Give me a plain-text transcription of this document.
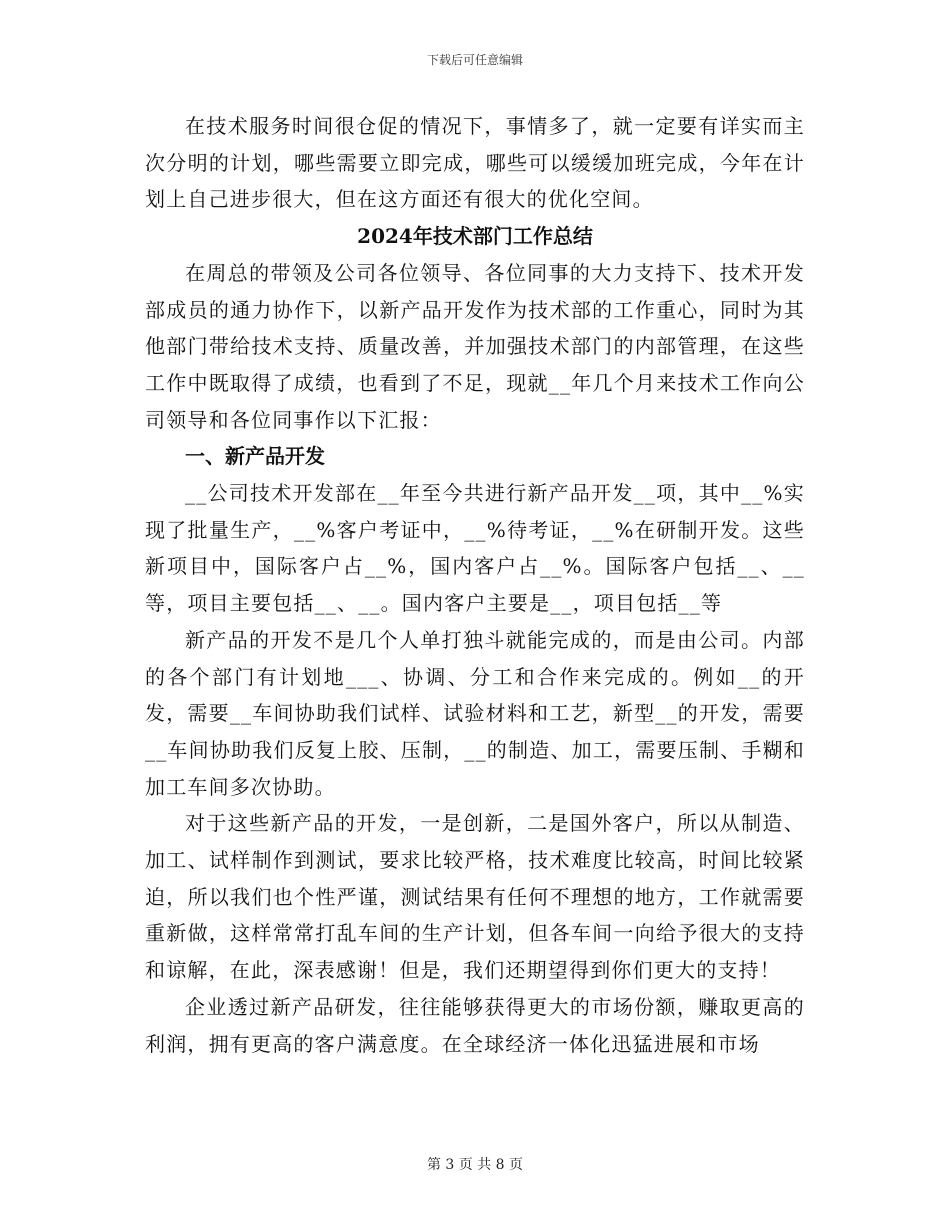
下载后可任意编辑

在技术服务时间很仓促的情况下，事情多了，就一定要有详实而主次分明的计划，哪些需要立即完成，哪些可以缓缓加班完成，今年在计划上自己进步很大，但在这方面还有很大的优化空间。

2024年技术部门工作总结

在周总的带领及公司各位领导、各位同事的大力支持下、技术开发部成员的通力协作下，以新产品开发作为技术部的工作重心，同时为其他部门带给技术支持、质量改善，并加强技术部门的内部管理，在这些工作中既取得了成绩，也看到了不足，现就__年几个月来技术工作向公司领导和各位同事作以下汇报：

一、新产品开发

__公司技术开发部在__年至今共进行新产品开发__项，其中__%实现了批量生产，__%客户考证中，__%待考证，__%在研制开发。这些新项目中，国际客户占__%，国内客户占__%。国际客户包括__、__等，项目主要包括__、__。国内客户主要是__，项目包括__等

新产品的开发不是几个人单打独斗就能完成的，而是由公司。内部的各个部门有计划地___、协调、分工和合作来完成的。例如__的开发，需要__车间协助我们试样、试验材料和工艺，新型__的开发，需要__车间协助我们反复上胶、压制，__的制造、加工，需要压制、手糊和加工车间多次协助。

对于这些新产品的开发，一是创新，二是国外客户，所以从制造、加工、试样制作到测试，要求比较严格，技术难度比较高，时间比较紧迫，所以我们也个性严谨，测试结果有任何不理想的地方，工作就需要重新做，这样常常打乱车间的生产计划，但各车间一向给予很大的支持和谅解，在此，深表感谢！但是，我们还期望得到你们更大的支持！

企业透过新产品研发，往往能够获得更大的市场份额，赚取更高的利润，拥有更高的客户满意度。在全球经济一体化迅猛进展和市场

第 3 页 共 8 页
